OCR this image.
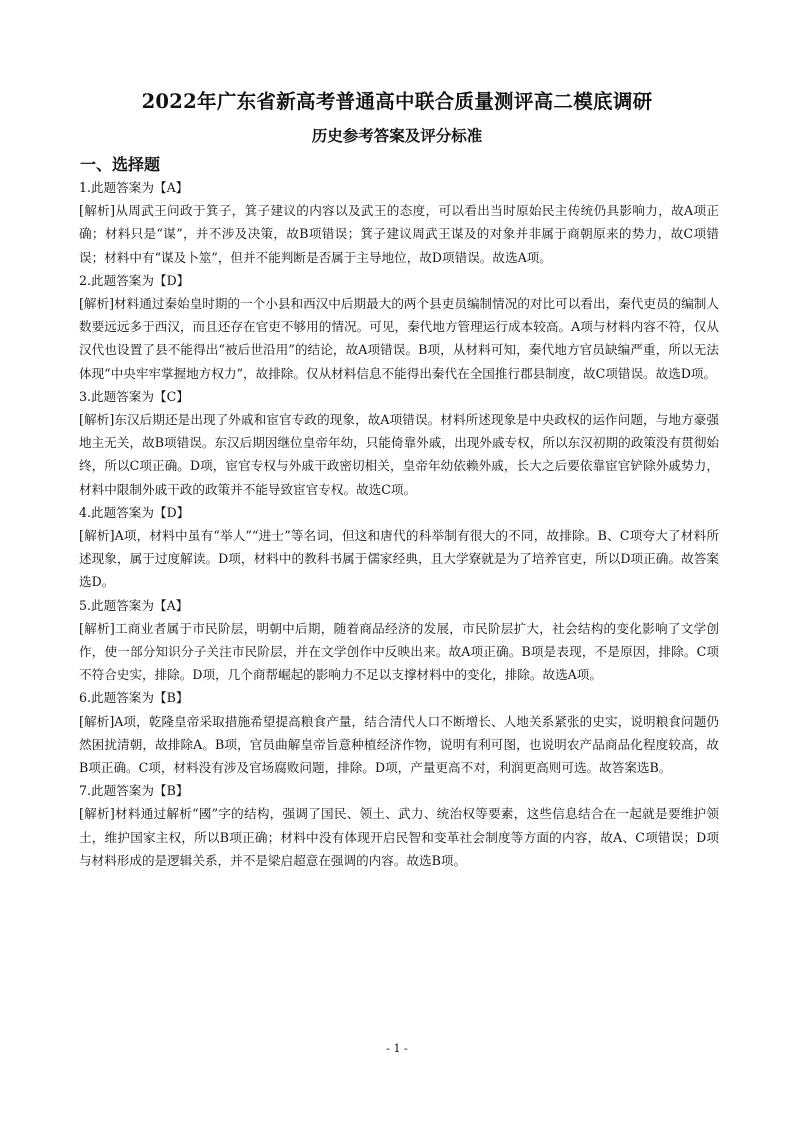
2022年广东省新高考普通高中联合质量测评高二模底调研
历史参考答案及评分标准
一、选择题

1.此题答案为【A】

[解析]从周武王问政于箕子，箕子建议的内容以及武王的态度，可以看出当时原始民主传统仍具影响力，故A项正确；材料只是“谋”，并不涉及决策，故B项错误；箕子建议周武王谋及的对象并非属于商朝原来的势力，故C项错误；材料中有“谋及卜筮”，但并不能判断是否属于主导地位，故D项错误。故选A项。

2.此题答案为【D】

[解析]材料通过秦始皇时期的一个小县和西汉中后期最大的两个县吏员编制情况的对比可以看出，秦代吏员的编制人数要远远多于西汉，而且还存在官吏不够用的情况。可见，秦代地方管理运行成本较高。A项与材料内容不符，仅从汉代也设置了县不能得出“被后世沿用”的结论，故A项错误。B项，从材料可知，秦代地方官员缺编严重，所以无法体现“中央牢牢掌握地方权力”，故排除。仅从材料信息不能得出秦代在全国推行郡县制度，故C项错误。故选D项。

3.此题答案为【C】

[解析]东汉后期还是出现了外戚和宦官专政的现象，故A项错误。材料所述现象是中央政权的运作问题，与地方豪强地主无关，故B项错误。东汉后期因继位皇帝年幼，只能倚靠外戚，出现外戚专权，所以东汉初期的政策没有贯彻始终，所以C项正确。D项，宦官专权与外戚干政密切相关，皇帝年幼依赖外戚，长大之后要依靠宦官铲除外戚势力，材料中限制外戚干政的政策并不能导致宦官专权。故选C项。

4.此题答案为【D】

[解析]A项，材料中虽有“举人”“进士”等名词，但这和唐代的科举制有很大的不同，故排除。B、C项夸大了材料所述现象，属于过度解读。D项，材料中的教科书属于儒家经典，且大学寮就是为了培养官吏，所以D项正确。故答案选D。

5.此题答案为【A】

[解析]工商业者属于市民阶层，明朝中后期，随着商品经济的发展，市民阶层扩大，社会结构的变化影响了文学创作，使一部分知识分子关注市民阶层，并在文学创作中反映出来。故A项正确。B项是表现，不是原因，排除。C项不符合史实，排除。D项，几个商帮崛起的影响力不足以支撑材料中的变化，排除。故选A项。

6.此题答案为【B】

[解析]A项，乾隆皇帝采取措施希望提高粮食产量，结合清代人口不断增长、人地关系紧张的史实，说明粮食问题仍然困扰清朝，故排除A。B项，官员曲解皇帝旨意种植经济作物，说明有利可图，也说明农产品商品化程度较高，故B项正确。C项，材料没有涉及官场腐败问题，排除。D项，产量更高不对，利润更高则可选。故答案选B。

7.此题答案为【B】

[解析]材料通过解析“國”字的结构，强调了国民、领土、武力、统治权等要素，这些信息结合在一起就是要维护领土，维护国家主权，所以B项正确；材料中没有体现开启民智和变革社会制度等方面的内容，故A、C项错误；D项与材料形成的是逻辑关系，并不是梁启超意在强调的内容。故选B项。

- 1 -
